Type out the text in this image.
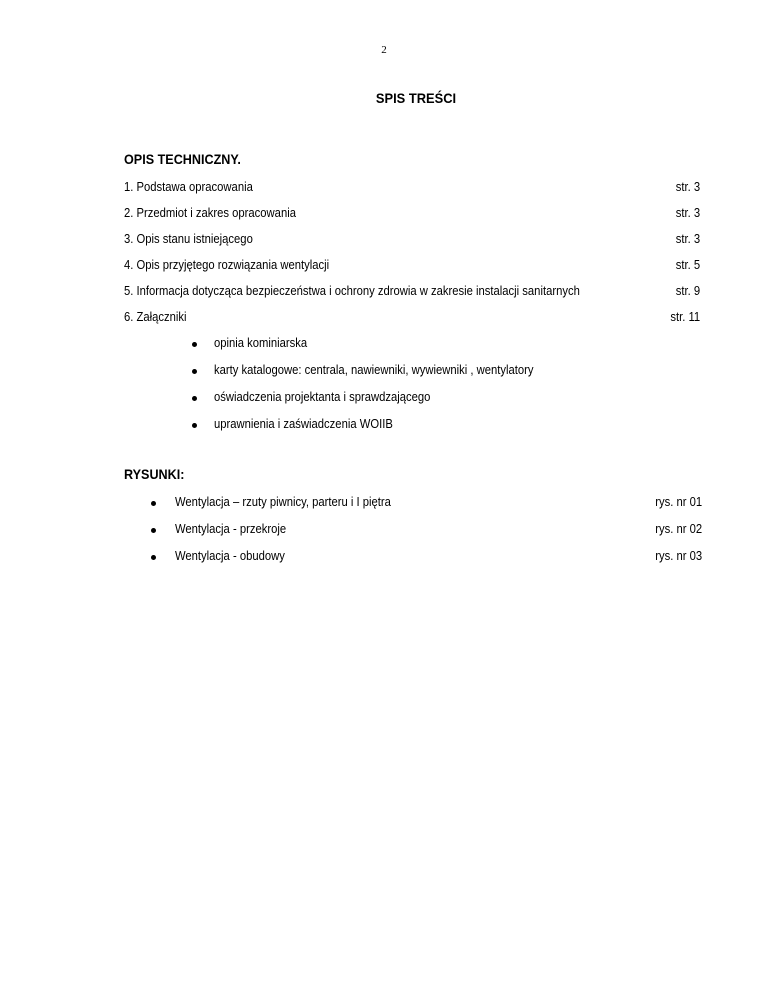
2
SPIS TREŚCI
OPIS TECHNICZNY.
1. Podstawa opracowania	str. 3
2. Przedmiot i zakres opracowania	str. 3
3. Opis stanu istniejącego	str. 3
4. Opis przyjętego rozwiązania wentylacji	str. 5
5. Informacja dotycząca bezpieczeństwa i ochrony zdrowia w zakresie instalacji sanitarnych	str. 9
6. Załączniki	str. 11
opinia kominiarska
karty katalogowe: centrala, nawiewniki, wywiewniki , wentylatory
oświadczenia projektanta i sprawdzającego
uprawnienia i zaświadczenia WOIIB
RYSUNKI:
Wentylacja – rzuty piwnicy, parteru i I piętra	rys. nr 01
Wentylacja - przekroje	rys. nr 02
Wentylacja - obudowy	rys. nr 03
